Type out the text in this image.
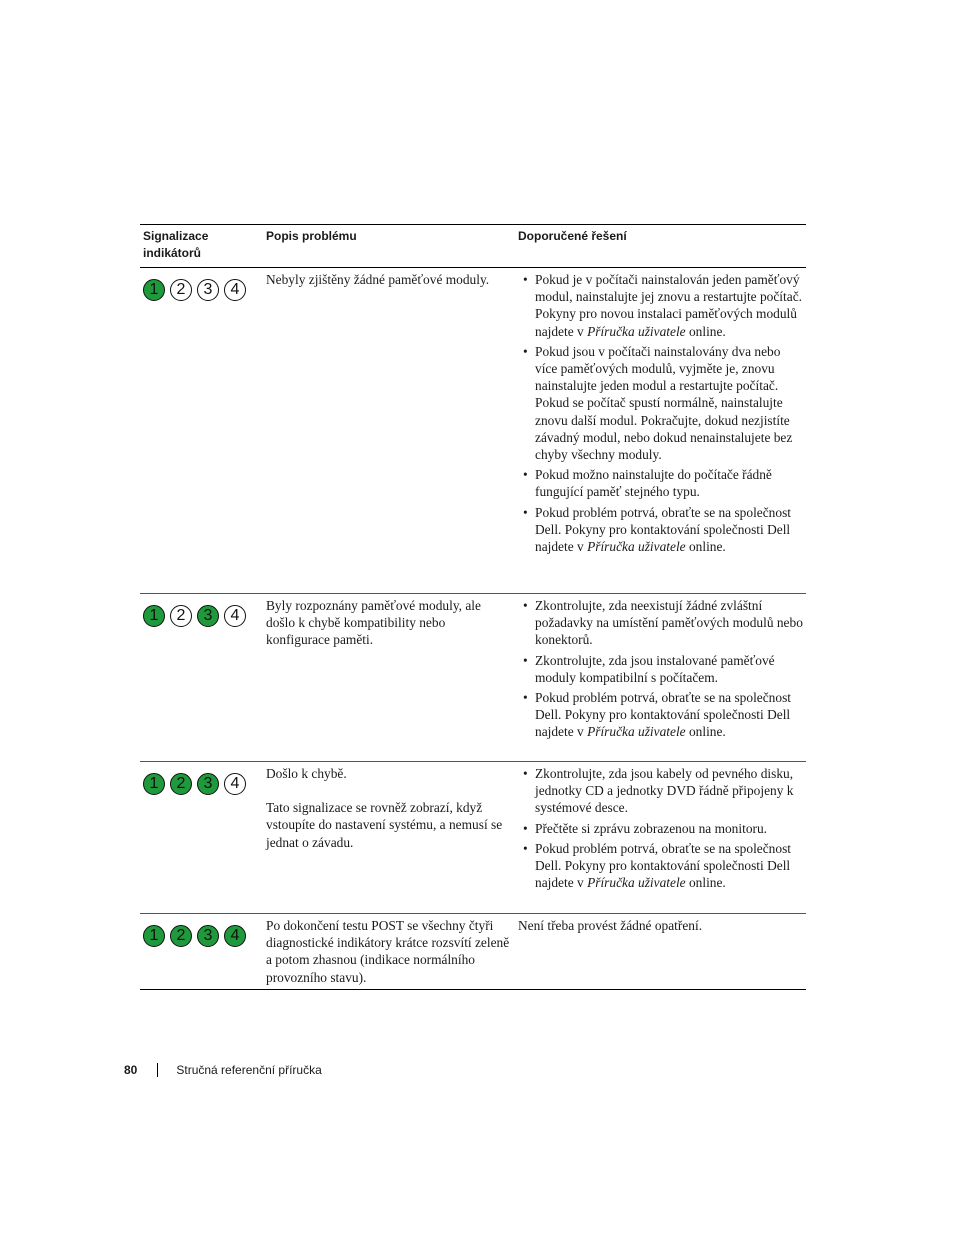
Signalizace indikátorů
Popis problému	Doporučené řešení
1	2	3	4

Nebyly zjištěny žádné paměťové moduly.

•	Pokud je v počítači nainstalován jeden paměťový modul, nainstalujte jej znovu a restartujte počítač. Pokyny pro novou instalaci paměťových modulů najdete v Příručka uživatele online.
• Pokud jsou v počítači nainstalovány dva nebo více paměťových modulů, vyjměte je, znovu nainstalujte jeden modul a restartujte počítač. Pokud se počítač spustí normálně, nainstalujte znovu další modul. Pokračujte, dokud nezjistíte závadný modul, nebo dokud nenainstalujete bez chyby všechny moduly.
• Pokud možno nainstalujte do počítače řádně fungující paměť stejného typu.
• Pokud problém potrvá, obraťte se na společnost Dell. Pokyny pro kontaktování společnosti Dell najdete v Příručka uživatele online.
1	2	3	4

Byly rozpoznány paměťové moduly, ale došlo k chybě kompatibility nebo konfigurace paměti.

• Zkontrolujte, zda neexistují žádné zvláštní požadavky na umístění paměťových modulů nebo konektorů.
• Zkontrolujte, zda jsou instalované paměťové moduly kompatibilní s počítačem.
• Pokud problém potrvá, obraťte se na společnost Dell. Pokyny pro kontaktování společnosti Dell najdete v Příručka uživatele online.
1	2	3	4

Došlo k chybě.

Tato signalizace se rovněž zobrazí, když vstoupíte do nastavení systému, a nemusí se jednat o závadu.

• Zkontrolujte, zda jsou kabely od pevného disku, jednotky CD a jednotky DVD řádně připojeny k systémové desce.
• Přečtěte si zprávu zobrazenou na monitoru.
• Pokud problém potrvá, obraťte se na společnost Dell. Pokyny pro kontaktování společnosti Dell najdete v Příručka uživatele online.
1	2	3	4

Po dokončení testu POST se všechny čtyři diagnostické indikátory krátce rozsvítí zeleně a potom zhasnou (indikace normálního provozního stavu).

Není třeba provést žádné opatření.
80	Stručná referenční příručka
